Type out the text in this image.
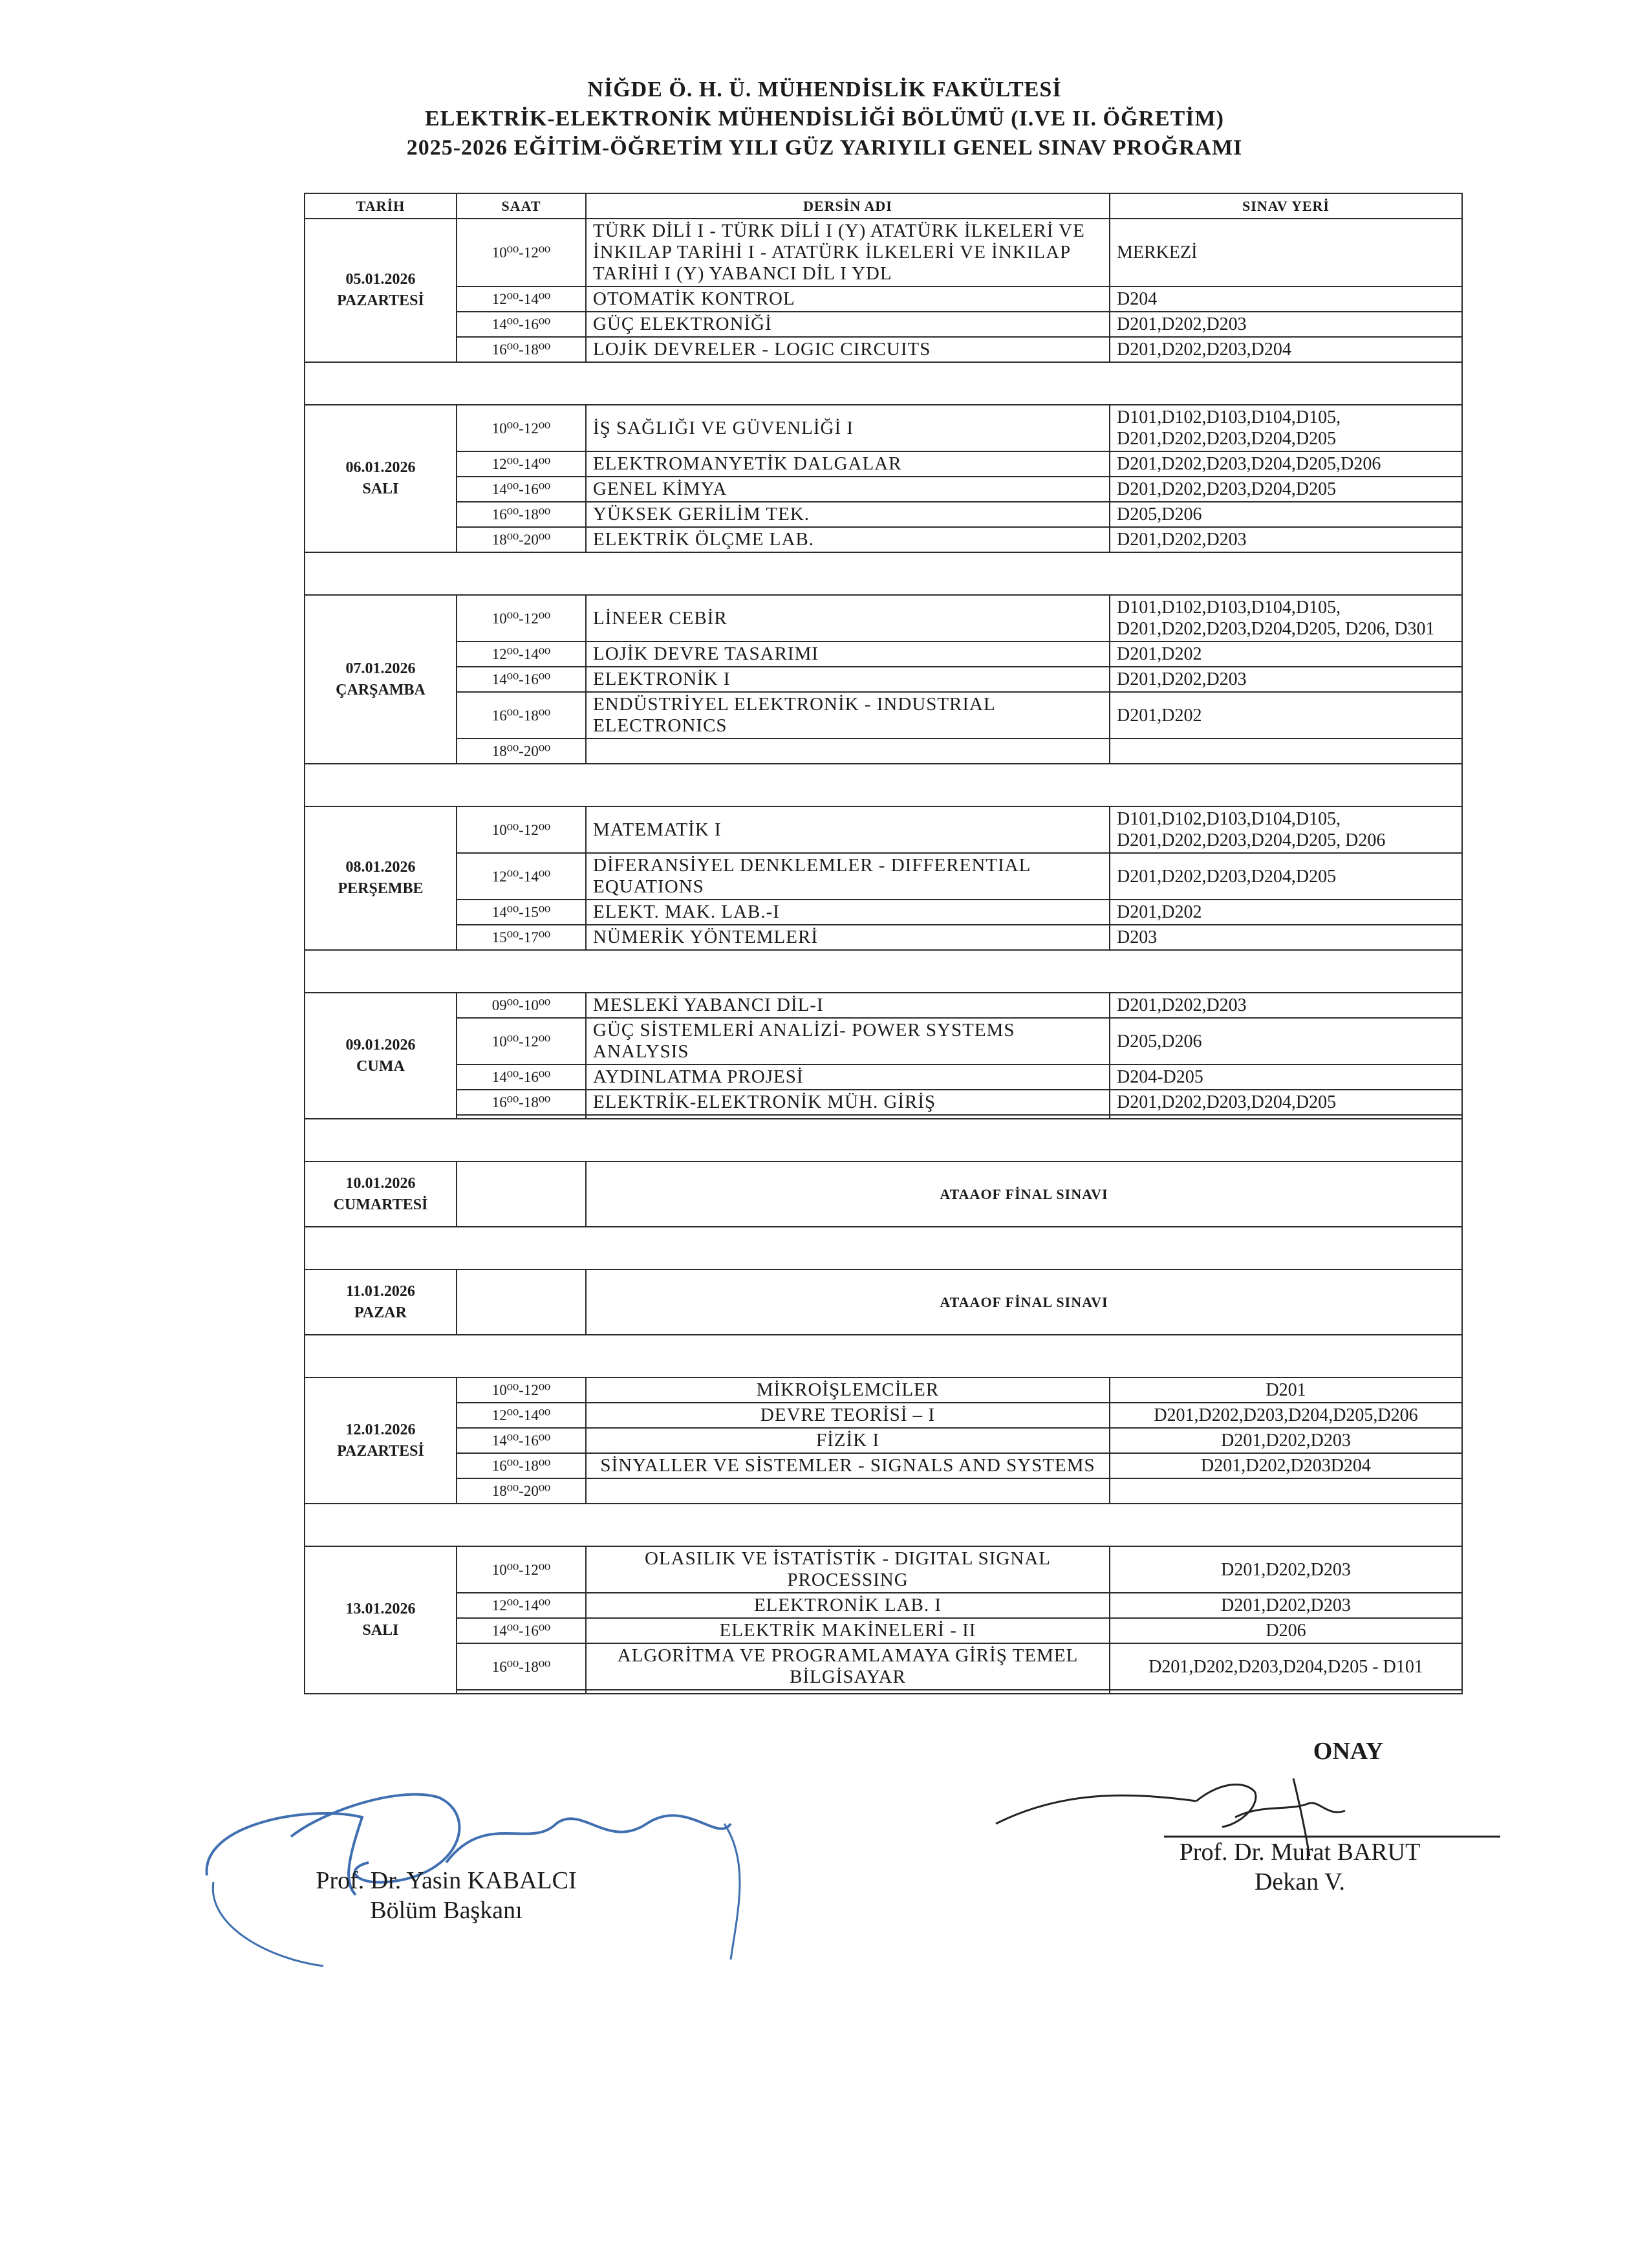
NİĞDE Ö. H. Ü. MÜHENDİSLİK FAKÜLTESİ
ELEKTRİK-ELEKTRONİK MÜHENDİSLİĞİ BÖLÜMÜ (I.VE II. ÖĞRETİM)
2025-2026 EĞİTİM-ÖĞRETİM YILI GÜZ YARIYILI GENEL SINAV PROĞRAMI
TARİH	SAAT	DERSİN ADI	SINAV YERİ

05.01.2026
PAZARTESİ	10⁰⁰-12⁰⁰	TÜRK DİLİ I - TÜRK DİLİ I (Y) ATATÜRK İLKELERİ VE İNKILAP TARİHİ I - ATATÜRK İLKELERİ VE İNKILAP TARİHİ I (Y) YABANCI DİL I YDL	MERKEZİ
	12⁰⁰-14⁰⁰	OTOMATİK KONTROL	D204
	14⁰⁰-16⁰⁰	GÜÇ ELEKTRONİĞİ	D201,D202,D203
	16⁰⁰-18⁰⁰	LOJİK DEVRELER - LOGIC CIRCUITS	D201,D202,D203,D204

06.01.2026
SALI	10⁰⁰-12⁰⁰	İŞ SAĞLIĞI VE GÜVENLİĞİ I	D101,D102,D103,D104,D105, D201,D202,D203,D204,D205
	12⁰⁰-14⁰⁰	ELEKTROMANYETİK DALGALAR	D201,D202,D203,D204,D205,D206
	14⁰⁰-16⁰⁰	GENEL KİMYA	D201,D202,D203,D204,D205
	16⁰⁰-18⁰⁰	YÜKSEK GERİLİM TEK.	D205,D206
	18⁰⁰-20⁰⁰	ELEKTRİK ÖLÇME LAB.	D201,D202,D203

07.01.2026
ÇARŞAMBA	10⁰⁰-12⁰⁰	LİNEER CEBİR	D101,D102,D103,D104,D105, D201,D202,D203,D204,D205, D206, D301
	12⁰⁰-14⁰⁰	LOJİK DEVRE TASARIMI	D201,D202
	14⁰⁰-16⁰⁰	ELEKTRONİK I	D201,D202,D203
	16⁰⁰-18⁰⁰	ENDÜSTRİYEL ELEKTRONİK - INDUSTRIAL ELECTRONICS	D201,D202
	18⁰⁰-20⁰⁰		

08.01.2026
PERŞEMBE	10⁰⁰-12⁰⁰	MATEMATİK I	D101,D102,D103,D104,D105, D201,D202,D203,D204,D205, D206
	12⁰⁰-14⁰⁰	DİFERANSİYEL DENKLEMLER - DIFFERENTIAL EQUATIONS	D201,D202,D203,D204,D205
	14⁰⁰-15⁰⁰	ELEKT. MAK. LAB.-I	D201,D202
	15⁰⁰-17⁰⁰	NÜMERİK YÖNTEMLERİ	D203

09.01.2026
CUMA	09⁰⁰-10⁰⁰	MESLEKİ YABANCI DİL-I	D201,D202,D203
	10⁰⁰-12⁰⁰	GÜÇ SİSTEMLERİ ANALİZİ- POWER SYSTEMS ANALYSIS	D205,D206
	14⁰⁰-16⁰⁰	AYDINLATMA PROJESİ	D204-D205
	16⁰⁰-18⁰⁰	ELEKTRİK-ELEKTRONİK MÜH. GİRİŞ	D201,D202,D203,D204,D205

10.01.2026
CUMARTESİ		ATAAOF FİNAL SINAVI	

11.01.2026
PAZAR		ATAAOF FİNAL SINAVI	

12.01.2026
PAZARTESİ	10⁰⁰-12⁰⁰	MİKROİŞLEMCİLER	D201
	12⁰⁰-14⁰⁰	DEVRE TEORİSİ – I	D201,D202,D203,D204,D205,D206
	14⁰⁰-16⁰⁰	FİZİK I	D201,D202,D203
	16⁰⁰-18⁰⁰	SİNYALLER VE SİSTEMLER - SIGNALS AND SYSTEMS	D201,D202,D203D204
	18⁰⁰-20⁰⁰		

13.01.2026
SALI	10⁰⁰-12⁰⁰	OLASILIK VE İSTATİSTİK - DIGITAL SIGNAL PROCESSING	D201,D202,D203
	12⁰⁰-14⁰⁰	ELEKTRONİK LAB. I	D201,D202,D203
	14⁰⁰-16⁰⁰	ELEKTRİK MAKİNELERİ - II	D206
	16⁰⁰-18⁰⁰	ALGORİTMA VE PROGRAMLAMAYA GİRİŞ TEMEL BİLGİSAYAR	D201,D202,D203,D204,D205 - D101

Prof. Dr. Yasin KABALCI
Bölüm Başkanı
ONAY
Prof. Dr. Murat BARUT
Dekan V.
